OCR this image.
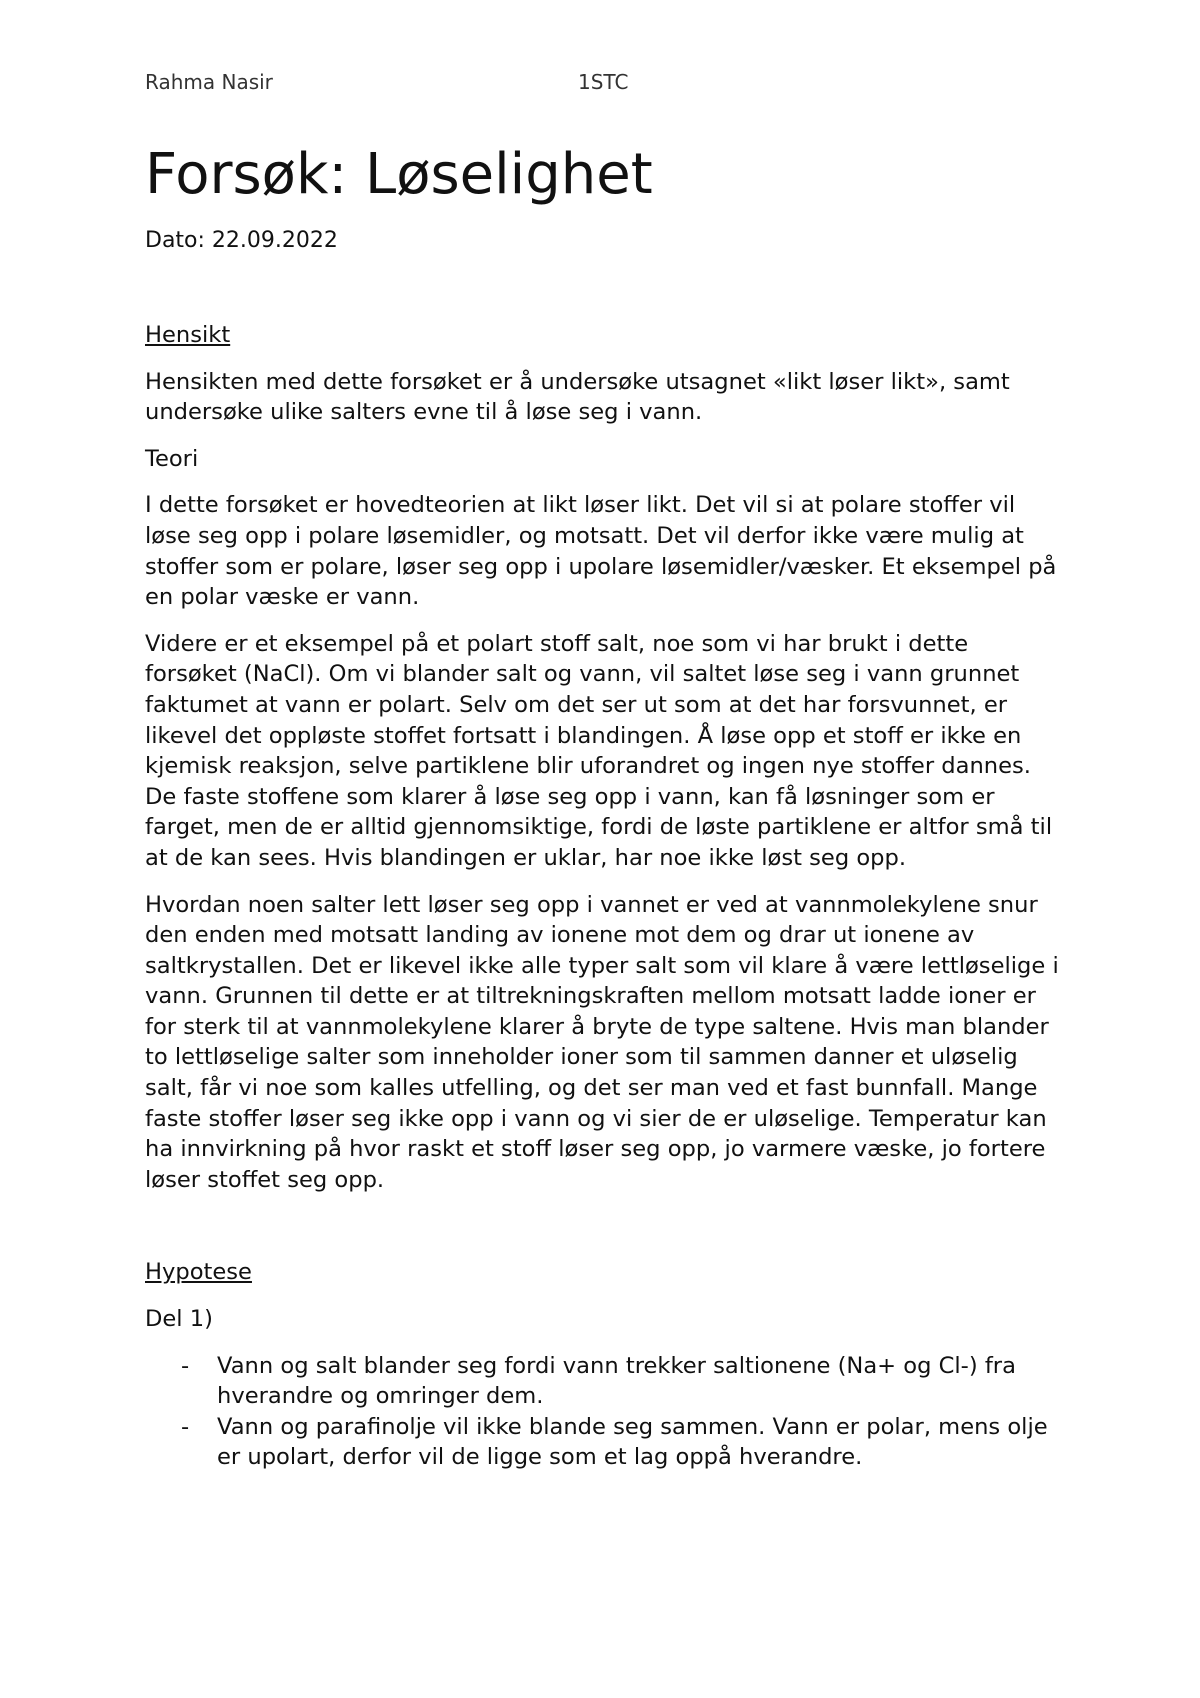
Rahma Nasir	1STC
Forsøk: Løselighet
Dato: 22.09.2022
Hensikt

Hensikten med dette forsøket er å undersøke utsagnet «likt løser likt», samt undersøke ulike salters evne til å løse seg i vann.

Teori

I dette forsøket er hovedteorien at likt løser likt. Det vil si at polare stoffer vil løse seg opp i polare løsemidler, og motsatt. Det vil derfor ikke være mulig at stoffer som er polare, løser seg opp i upolare løsemidler/væsker. Et eksempel på en polar væske er vann.

Videre er et eksempel på et polart stoff salt, noe som vi har brukt i dette forsøket (NaCl). Om vi blander salt og vann, vil saltet løse seg i vann grunnet faktumet at vann er polart. Selv om det ser ut som at det har forsvunnet, er likevel det oppløste stoffet fortsatt i blandingen. Å løse opp et stoff er ikke en kjemisk reaksjon, selve partiklene blir uforandret og ingen nye stoffer dannes. De faste stoffene som klarer å løse seg opp i vann, kan få løsninger som er farget, men de er alltid gjennomsiktige, fordi de løste partiklene er altfor små til at de kan sees. Hvis blandingen er uklar, har noe ikke løst seg opp.

Hvordan noen salter lett løser seg opp i vannet er ved at vannmolekylene snur den enden med motsatt landing av ionene mot dem og drar ut ionene av saltkrystallen. Det er likevel ikke alle typer salt som vil klare å være lettløselige i vann. Grunnen til dette er at tiltrekningskraften mellom motsatt ladde ioner er for sterk til at vannmolekylene klarer å bryte de type saltene. Hvis man blander to lettløselige salter som inneholder ioner som til sammen danner et uløselig salt, får vi noe som kalles utfelling, og det ser man ved et fast bunnfall. Mange faste stoffer løser seg ikke opp i vann og vi sier de er uløselige. Temperatur kan ha innvirkning på hvor raskt et stoff løser seg opp, jo varmere væske, jo fortere løser stoffet seg opp.

Hypotese
Del 1)
- Vann og salt blander seg fordi vann trekker saltionene (Na+ og Cl-) fra hverandre og omringer dem.
- Vann og parafinolje vil ikke blande seg sammen. Vann er polar, mens olje er upolart, derfor vil de ligge som et lag oppå hverandre.
